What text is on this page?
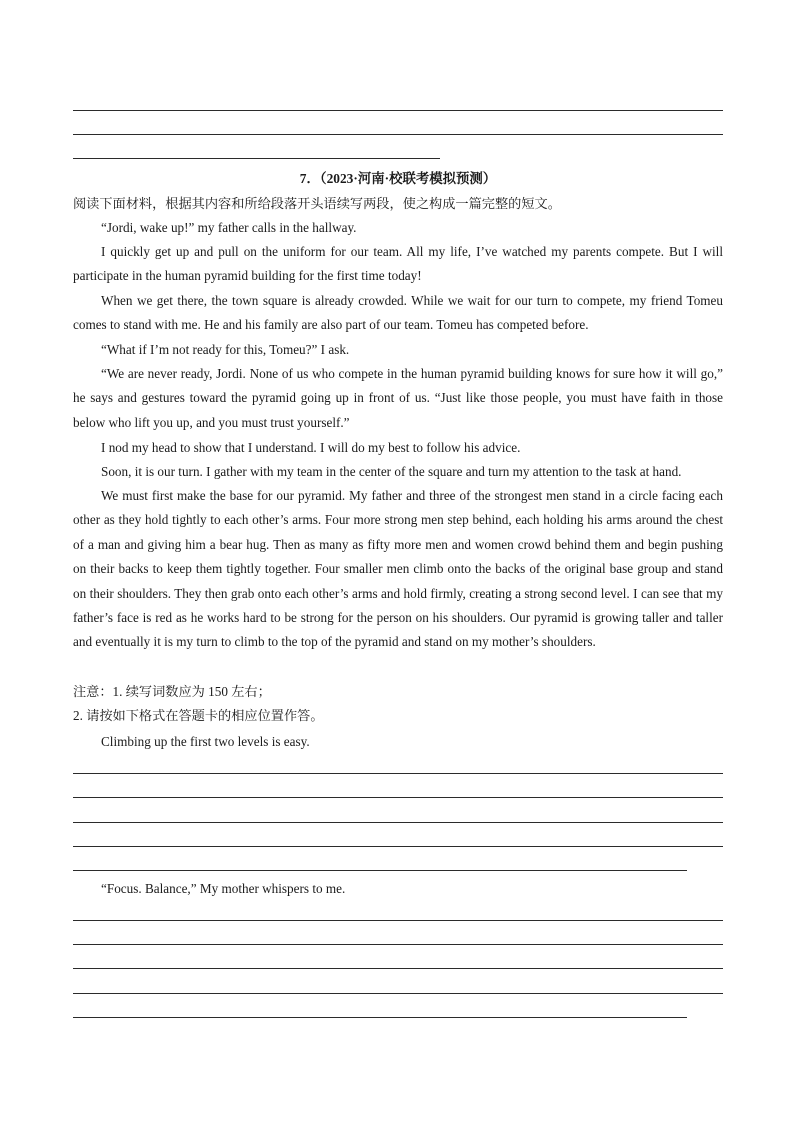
7．（2023·河南·校联考模拟预测）
阅读下面材料，根据其内容和所给段落开头语续写两段，使之构成一篇完整的短文。
“Jordi, wake up!” my father calls in the hallway.
I quickly get up and pull on the uniform for our team. All my life, I’ve watched my parents compete. But I will participate in the human pyramid building for the first time today!
When we get there, the town square is already crowded. While we wait for our turn to compete, my friend Tomeu comes to stand with me. He and his family are also part of our team. Tomeu has competed before.
“What if I’m not ready for this, Tomeu?” I ask.
“We are never ready, Jordi. None of us who compete in the human pyramid building knows for sure how it will go,” he says and gestures toward the pyramid going up in front of us. “Just like those people, you must have faith in those below who lift you up, and you must trust yourself.”
I nod my head to show that I understand. I will do my best to follow his advice.
Soon, it is our turn. I gather with my team in the center of the square and turn my attention to the task at hand.
We must first make the base for our pyramid. My father and three of the strongest men stand in a circle facing each other as they hold tightly to each other’s arms. Four more strong men step behind, each holding his arms around the chest of a man and giving him a bear hug. Then as many as fifty more men and women crowd behind them and begin pushing on their backs to keep them tightly together. Four smaller men climb onto the backs of the original base group and stand on their shoulders. They then grab onto each other’s arms and hold firmly, creating a strong second level. I can see that my father’s face is red as he works hard to be strong for the person on his shoulders. Our pyramid is growing taller and taller and eventually it is my turn to climb to the top of the pyramid and stand on my mother’s shoulders.
注意：1. 续写词数应为 150 左右；
2. 请按如下格式在答题卡的相应位置作答。
Climbing up the first two levels is easy.
“Focus. Balance,” My mother whispers to me.
